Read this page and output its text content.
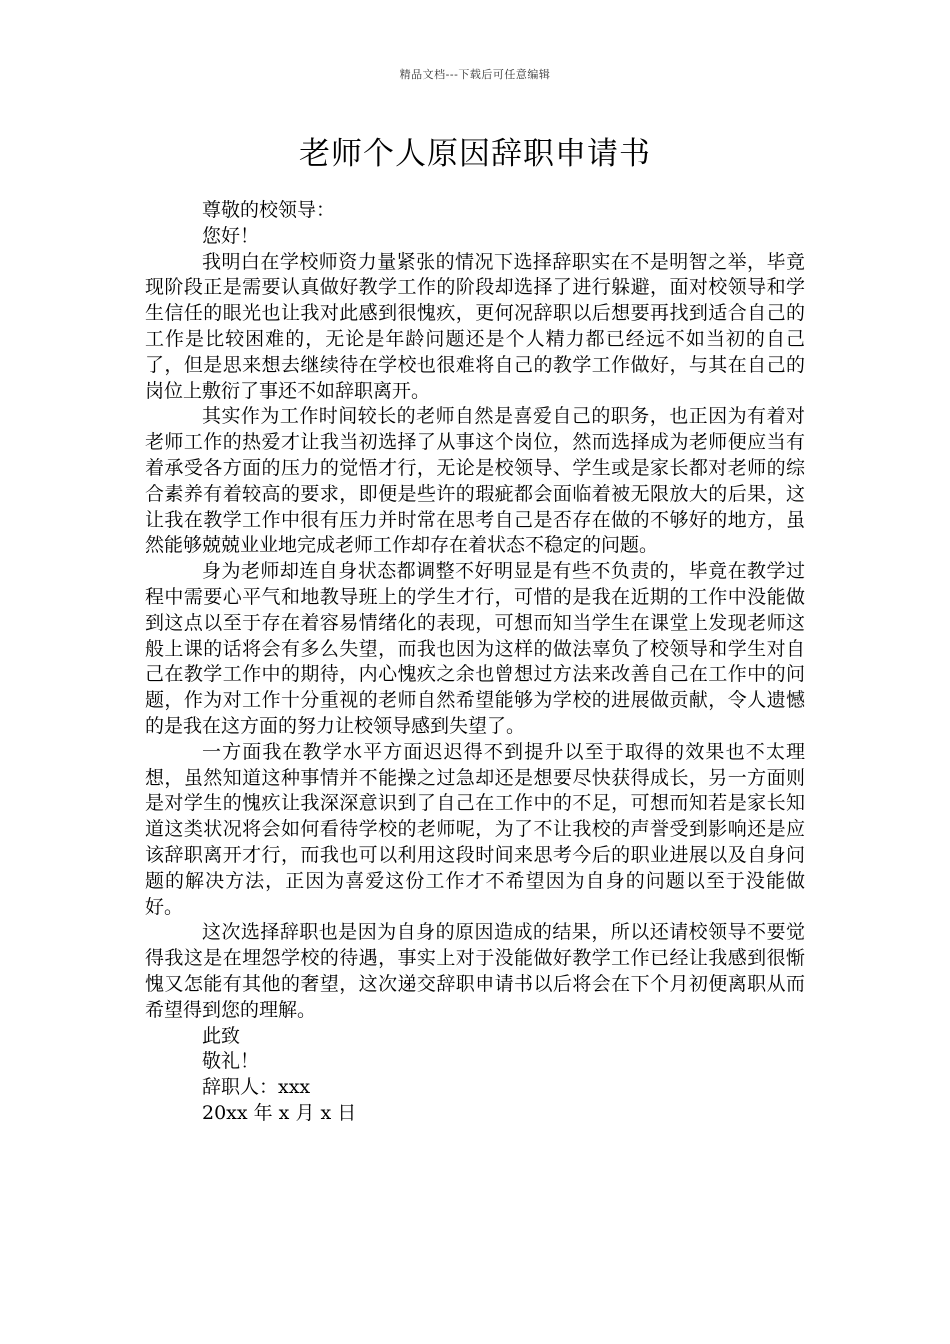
精品文档---下载后可任意编辑
老师个人原因辞职申请书

尊敬的校领导：

您好！

我明白在学校师资力量紧张的情况下选择辞职实在不是明智之举，毕竟现阶段正是需要认真做好教学工作的阶段却选择了进行躲避，面对校领导和学生信任的眼光也让我对此感到很愧疚，更何况辞职以后想要再找到适合自己的工作是比较困难的，无论是年龄问题还是个人精力都已经远不如当初的自己了，但是思来想去继续待在学校也很难将自己的教学工作做好，与其在自己的岗位上敷衍了事还不如辞职离开。

其实作为工作时间较长的老师自然是喜爱自己的职务，也正因为有着对老师工作的热爱才让我当初选择了从事这个岗位，然而选择成为老师便应当有着承受各方面的压力的觉悟才行，无论是校领导、学生或是家长都对老师的综合素养有着较高的要求，即便是些许的瑕疵都会面临着被无限放大的后果，这让我在教学工作中很有压力并时常在思考自己是否存在做的不够好的地方，虽然能够兢兢业业地完成老师工作却存在着状态不稳定的问题。

身为老师却连自身状态都调整不好明显是有些不负责的，毕竟在教学过程中需要心平气和地教导班上的学生才行，可惜的是我在近期的工作中没能做到这点以至于存在着容易情绪化的表现，可想而知当学生在课堂上发现老师这般上课的话将会有多么失望，而我也因为这样的做法辜负了校领导和学生对自己在教学工作中的期待，内心愧疚之余也曾想过方法来改善自己在工作中的问题，作为对工作十分重视的老师自然希望能够为学校的进展做贡献，令人遗憾的是我在这方面的努力让校领导感到失望了。

一方面我在教学水平方面迟迟得不到提升以至于取得的效果也不太理想，虽然知道这种事情并不能操之过急却还是想要尽快获得成长，另一方面则是对学生的愧疚让我深深意识到了自己在工作中的不足，可想而知若是家长知道这类状况将会如何看待学校的老师呢，为了不让我校的声誉受到影响还是应该辞职离开才行，而我也可以利用这段时间来思考今后的职业进展以及自身问题的解决方法，正因为喜爱这份工作才不希望因为自身的问题以至于没能做好。

这次选择辞职也是因为自身的原因造成的结果，所以还请校领导不要觉得我这是在埋怨学校的待遇，事实上对于没能做好教学工作已经让我感到很惭愧又怎能有其他的奢望，这次递交辞职申请书以后将会在下个月初便离职从而希望得到您的理解。

此致

敬礼！

辞职人：xxx

20xx 年 x 月 x 日
